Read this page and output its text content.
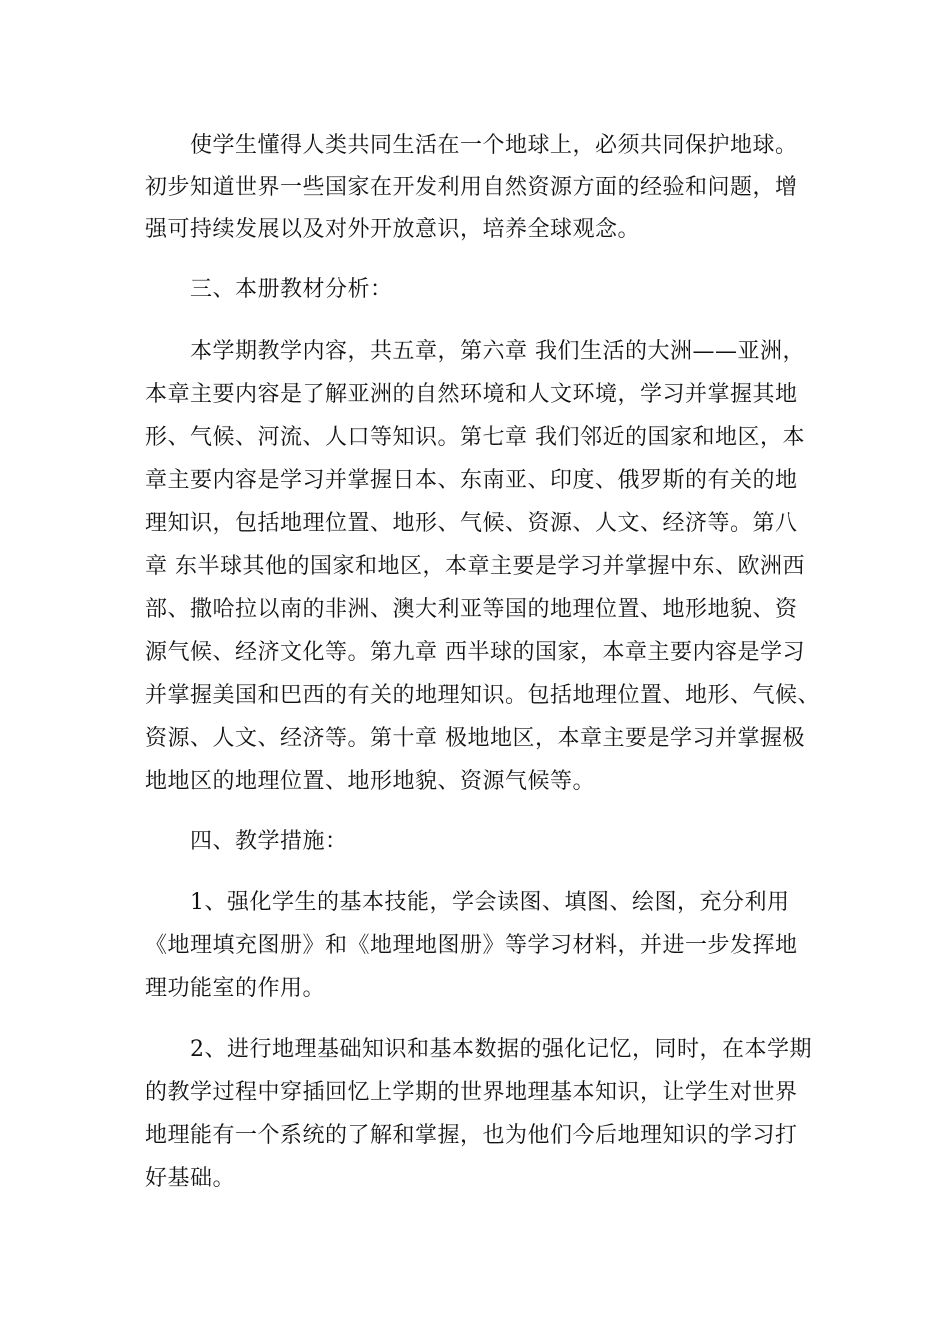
使学生懂得人类共同生活在一个地球上，必须共同保护地球。
初步知道世界一些国家在开发利用自然资源方面的经验和问题，增
强可持续发展以及对外开放意识，培养全球观念。
三、本册教材分析：
本学期教学内容，共五章，第六章 我们生活的大洲——亚洲，
本章主要内容是了解亚洲的自然环境和人文环境，学习并掌握其地
形、气候、河流、人口等知识。第七章 我们邻近的国家和地区，本
章主要内容是学习并掌握日本、东南亚、印度、俄罗斯的有关的地
理知识，包括地理位置、地形、气候、资源、人文、经济等。第八
章 东半球其他的国家和地区，本章主要是学习并掌握中东、欧洲西
部、撒哈拉以南的非洲、澳大利亚等国的地理位置、地形地貌、资
源气候、经济文化等。第九章 西半球的国家，本章主要内容是学习
并掌握美国和巴西的有关的地理知识。包括地理位置、地形、气候、
资源、人文、经济等。第十章 极地地区，本章主要是学习并掌握极
地地区的地理位置、地形地貌、资源气候等。
四、教学措施：
1、强化学生的基本技能，学会读图、填图、绘图，充分利用
《地理填充图册》和《地理地图册》等学习材料，并进一步发挥地
理功能室的作用。
2、进行地理基础知识和基本数据的强化记忆，同时，在本学期
的教学过程中穿插回忆上学期的世界地理基本知识，让学生对世界
地理能有一个系统的了解和掌握，也为他们今后地理知识的学习打
好基础。
